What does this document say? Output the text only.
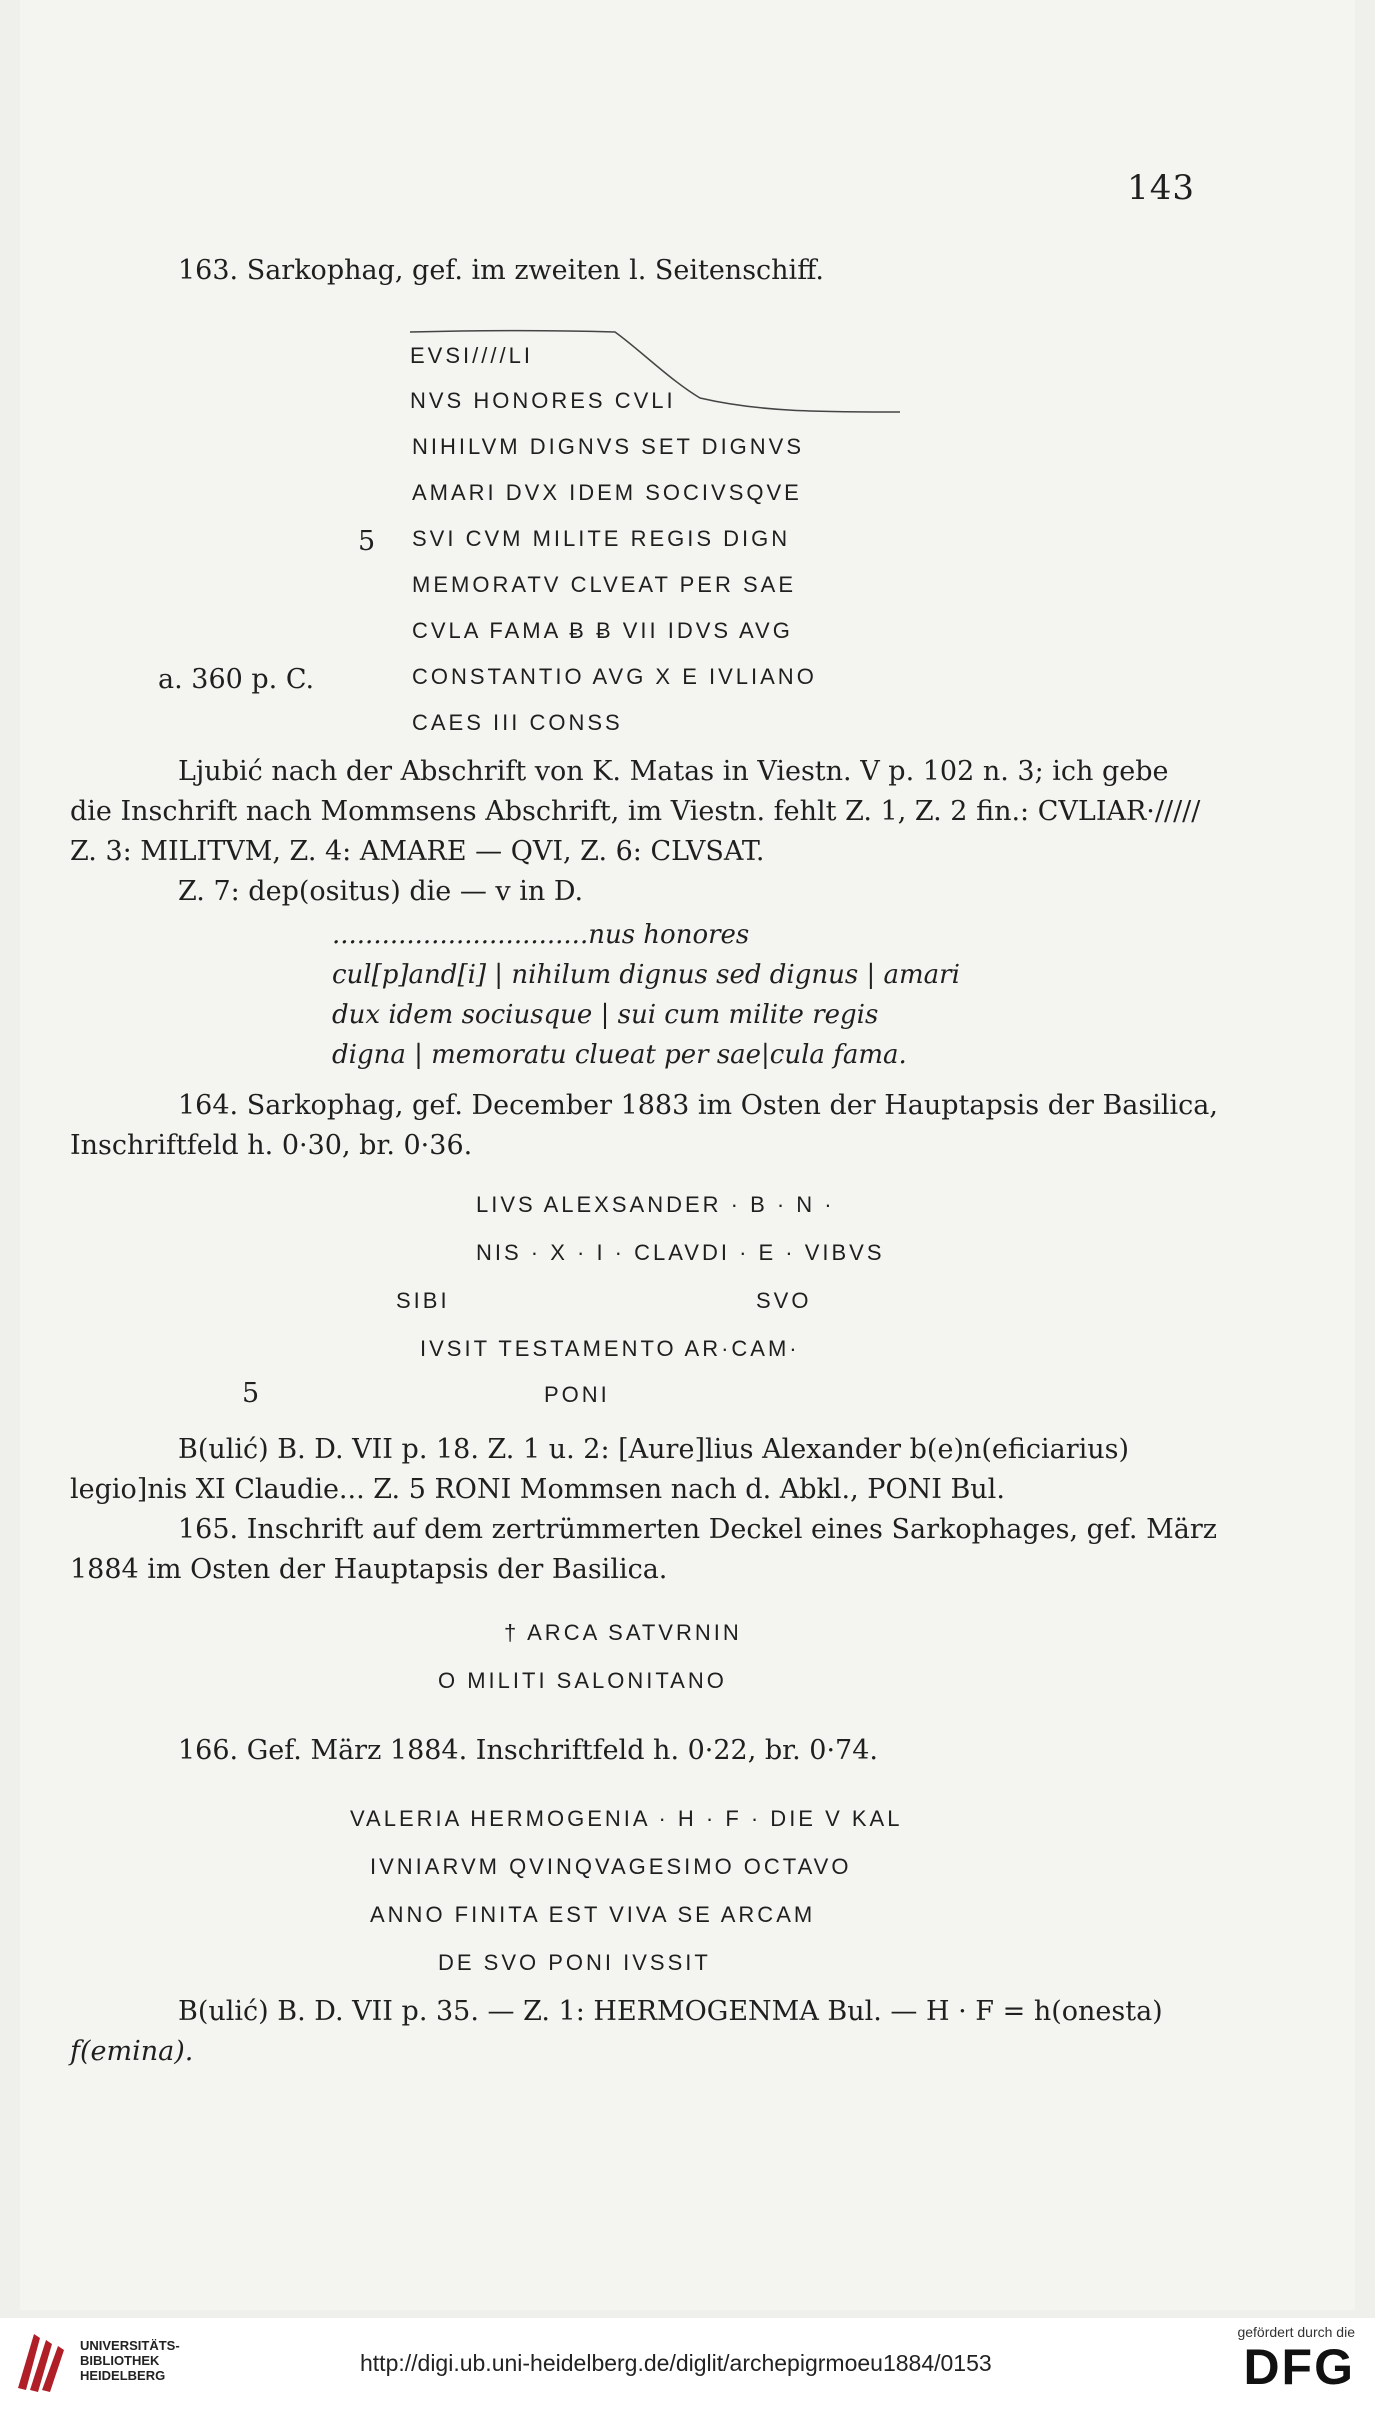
143
163. Sarkophag, gef. im zweiten l. Seitenschiff.
EVSI////LI
NVS HONORES CVLI
NIHILVM DIGNVS SET DIGNVS
AMARI DVX IDEM SOCIVSQVE
5 SVI CVM MILITE REGIS DIGN
MEMORATV CLVEAT PER SAE
CVLA FAMA Ƀ Ƀ VII IDVS AVG
a. 360 p. C.	CONSTANTIO AVG X E IVLIANO
CAES III CONSS
Ljubić nach der Abschrift von K. Matas in Viestn. V p. 102 n. 3; ich gebe
die Inschrift nach Mommsens Abschrift, im Viestn. fehlt Z. 1, Z. 2 fin.: CVLIAR·/////
Z. 3: MILITVM, Z. 4: AMARE — QVI, Z. 6: CLVSAT.
Z. 7: dep(ositus) die — v in D.
...............................nus honores
cul[p]and[i] | nihilum dignus sed dignus | amari
dux idem sociusque | sui cum milite regis
digna | memoratu clueat per sae|cula fama.
164. Sarkophag, gef. December 1883 im Osten der Hauptapsis der Basilica,
Inschriftfeld h. 0·30, br. 0·36.
LIVS ALEXSANDER · B · N ·
NIS · X · I · CLAVDI · E · VIBVS
SIBI	SVO
IVSIT TESTAMENTO AR·CAM·
5	PONI
B(ulić) B. D. VII p. 18. Z. 1 u. 2: [Aure]lius Alexander b(e)n(eficiarius)
legio]nis XI Claudie... Z. 5 RONI Mommsen nach d. Abkl., PONI Bul.
165. Inschrift auf dem zertrümmerten Deckel eines Sarkophages, gef. März
1884 im Osten der Hauptapsis der Basilica.
† ARCA SATVRNIN
O MILITI SALONITANO
166. Gef. März 1884. Inschriftfeld h. 0·22, br. 0·74.
VALERIA HERMOGENIA · H · F · DIE V KAL
IVNIARVM QVINQVAGESIMO OCTAVO
ANNO FINITA EST VIVA SE ARCAM
DE SVO PONI IVSSIT
B(ulić) B. D. VII p. 35. — Z. 1: HERMOGENMA Bul. — H · F = h(onesta)
f(emina).
UNIVERSITÄTS-
BIBLIOTHEK
HEIDELBERG	http://digi.ub.uni-heidelberg.de/diglit/archepigrmoeu1884/0153
gefördert durch die
DFG
